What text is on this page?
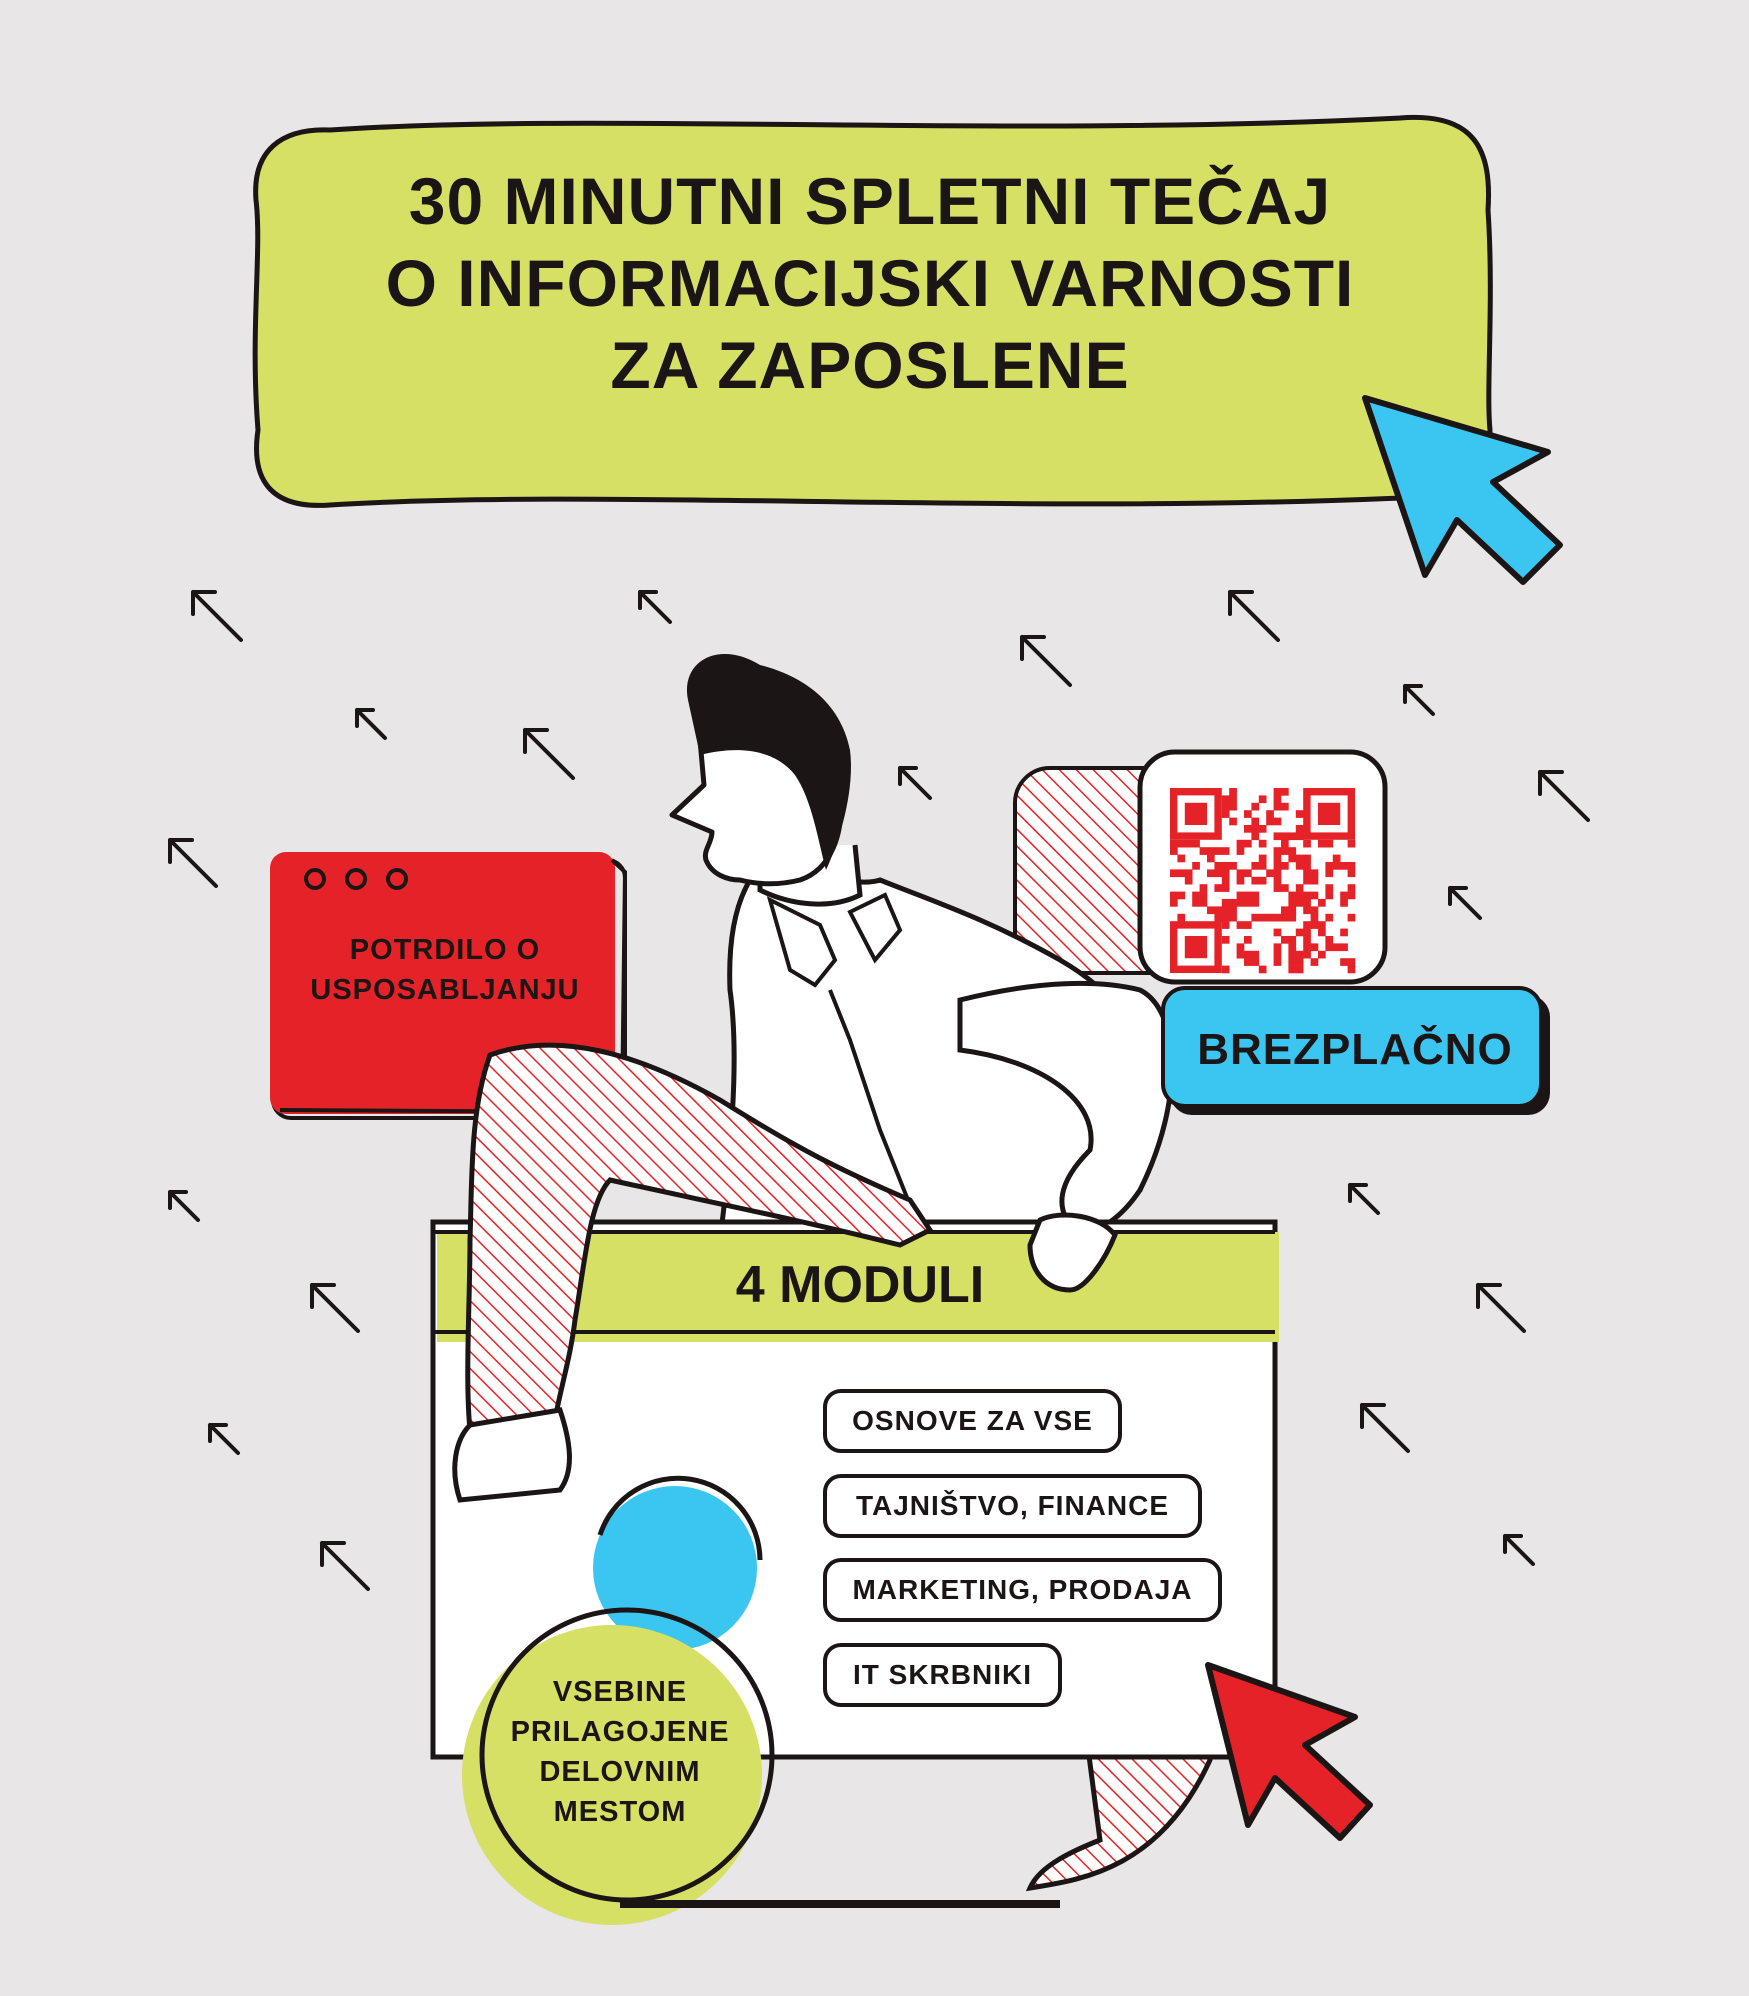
30 MINUTNI SPLETNI TEČAJ
O INFORMACIJSKI VARNOSTI
ZA ZAPOSLENE
POTRDILO O
USPOSABLJANJU
BREZPLAČNO
4 MODULI
OSNOVE ZA VSE
TAJNIŠTVO, FINANCE
MARKETING, PRODAJA
IT SKRBNIKI
VSEBINE
PRILAGOJENE
DELOVNIM
MESTOM
